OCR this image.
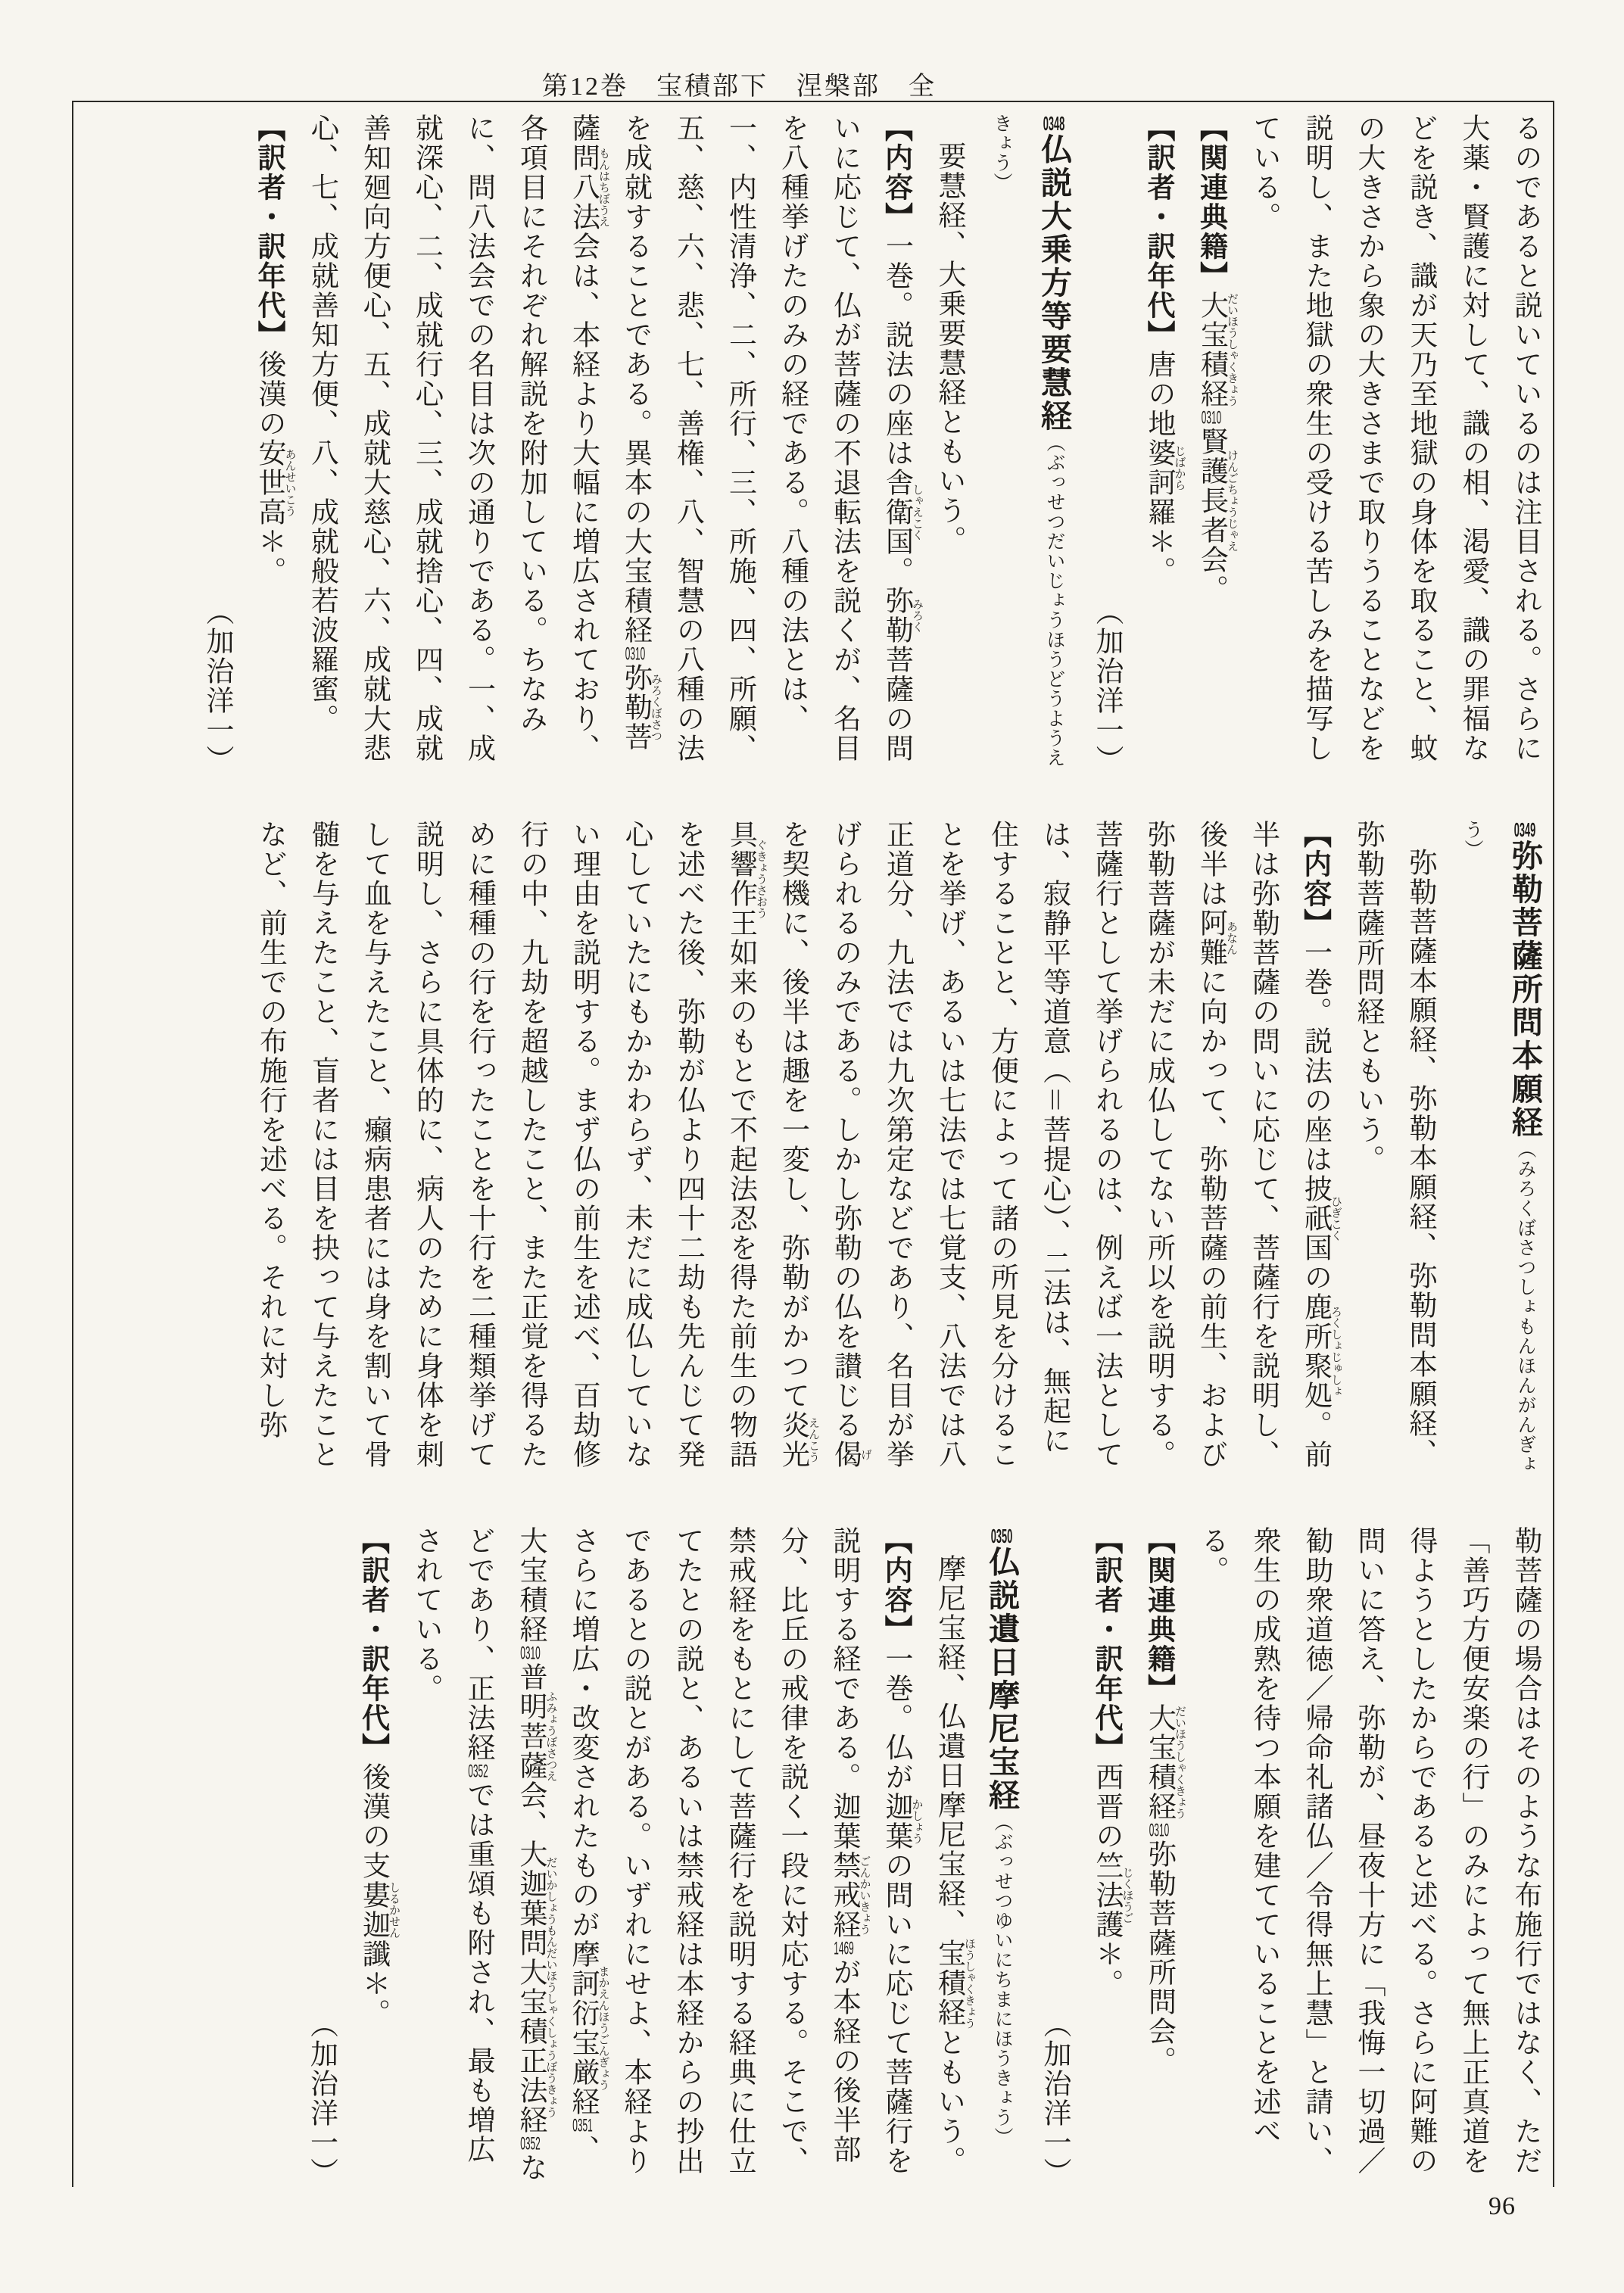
第12巻　宝積部下　涅槃部　全

るのであると説いているのは注目される。さらに大薬・賢護に対して、識の相、渇愛、識の罪福などを説き、識が天乃至地獄の身体を取ること、蚊の大きさから象の大きさまで取りうることなどを説明し、また地獄の衆生の受ける苦しみを描写している。

【関連典籍】大宝積経だいほうしゃくきょう0310賢護長者会けんごちょうじゃえ。

【訳者・訳年代】唐の地婆訶羅じばから＊。

（加治洋一）

0348仏説大乗方等要慧経（ぶっせつだいじょうほうどうようえきょう）

要慧経、大乗要慧経ともいう。

【内容】一巻。説法の座は舎衛国しゃえこく。弥勒みろく菩薩の問いに応じて、仏が菩薩の不退転法を説くが、名目を八種挙げたのみの経である。八種の法とは、一、内性清浄、二、所行、三、所施、四、所願、五、慈、六、悲、七、善権、八、智慧の八種の法を成就することである。異本の大宝積経0310弥勒菩薩問八法会みろくぼさつもんはちぼうえは、本経より大幅に増広されており、各項目にそれぞれ解説を附加している。ちなみに、問八法会での名目は次の通りである。一、成就深心、二、成就行心、三、成就捨心、四、成就善知廻向方便心、五、成就大慈心、六、成就大悲心、七、成就善知方便、八、成就般若波羅蜜。

【訳者・訳年代】後漢の安世高あんせいこう＊。

（加治洋一）

0349弥勒菩薩所問本願経（みろくぼさつしょもんほんがんぎょう）

弥勒菩薩本願経、弥勒本願経、弥勒問本願経、弥勒菩薩所問経ともいう。

【内容】一巻。説法の座は披祇国ひぎこくの鹿所聚処ろくしょじゅしょ。前半は弥勒菩薩の問いに応じて、菩薩行を説明し、後半は阿難あなんに向かって、弥勒菩薩の前生、および弥勒菩薩が未だに成仏してない所以を説明する。菩薩行として挙げられるのは、例えば一法としては、寂静平等道意（＝菩提心）、二法は、無起に住することと、方便によって諸の所見を分けることを挙げ、あるいは七法では七覚支、八法では八正道分、九法では九次第定などであり、名目が挙げられるのみである。しかし弥勒の仏を讃じる偈げを契機に、後半は趣を一変し、弥勒がかつて炎光具響作王えんこうぐきょうさおう如来のもとで不起法忍を得た前生の物語を述べた後、弥勒が仏より四十二劫も先んじて発心していたにもかかわらず、未だに成仏していない理由を説明する。まず仏の前生を述べ、百劫修行の中、九劫を超越したこと、また正覚を得るために種種の行を行ったことを十行を二種類挙げて説明し、さらに具体的に、病人のために身体を刺して血を与えたこと、癩病患者には身を割いて骨髄を与えたこと、盲者には目を抉って与えたことなど、前生での布施行を述べる。それに対し弥

勒菩薩の場合はそのような布施行ではなく、ただ「善巧方便安楽の行」のみによって無上正真道を得ようとしたからであると述べる。さらに阿難の問いに答え、弥勒が、昼夜十方に「我悔一切過／勧助衆道徳／帰命礼諸仏／令得無上慧」と請い、衆生の成熟を待つ本願を建てていることを述べる。

【関連典籍】大宝積経だいほうしゃくきょう0310弥勒菩薩所問会。

【訳者・訳年代】西晋の竺法護じくほうご＊。

（加治洋一）

0350仏説遺日摩尼宝経（ぶっせつゆいにちまにほうきょう）

摩尼宝経、仏遺日摩尼宝経、宝積経ほうしゃくきょうともいう。

【内容】一巻。仏が迦葉かしょうの問いに応じて菩薩行を説明する経である。迦葉禁戒経ごんかいきょう1469が本経の後半部分、比丘の戒律を説く一段に対応する。そこで、禁戒経をもとにして菩薩行を説明する経典に仕立てたとの説と、あるいは禁戒経は本経からの抄出であるとの説とがある。いずれにせよ、本経よりさらに増広・改変されたものが摩訶衍宝厳経まかえんほうごんぎょう0351、大宝積経0310普明菩薩会ふみょうぼさつえ、大迦葉問大宝積正法経だいかしょうもんだいほうしゃくしょうぼうきょう0352などであり、正法経0352では重頌も附され、最も増広されている。

【訳者・訳年代】後漢の支婁迦讖しるかせん＊。

（加治洋一）

96
